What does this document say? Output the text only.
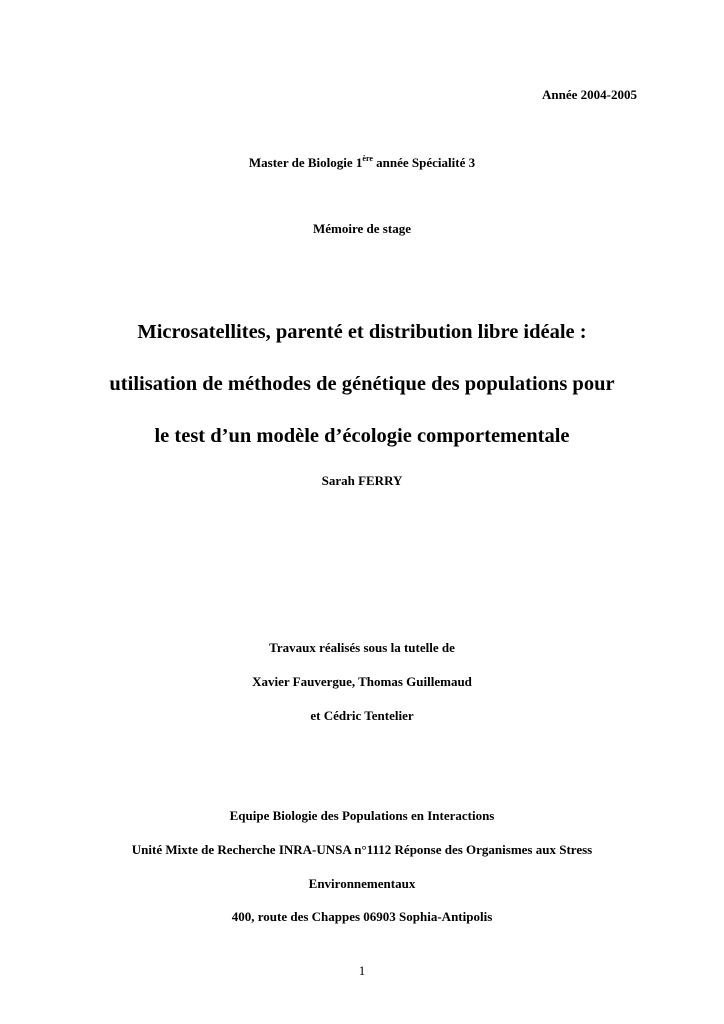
Année 2004-2005
Master de Biologie 1ère année Spécialité 3
Mémoire de stage
Microsatellites, parenté et distribution libre idéale :
utilisation de méthodes de génétique des populations pour
le test d’un modèle d’écologie comportementale
Sarah FERRY
Travaux réalisés sous la tutelle de
Xavier Fauvergue, Thomas Guillemaud
et Cédric Tentelier
Equipe Biologie des Populations en Interactions
Unité Mixte de Recherche INRA-UNSA n°1112 Réponse des Organismes aux Stress
Environnementaux
400, route des Chappes 06903 Sophia-Antipolis
1
